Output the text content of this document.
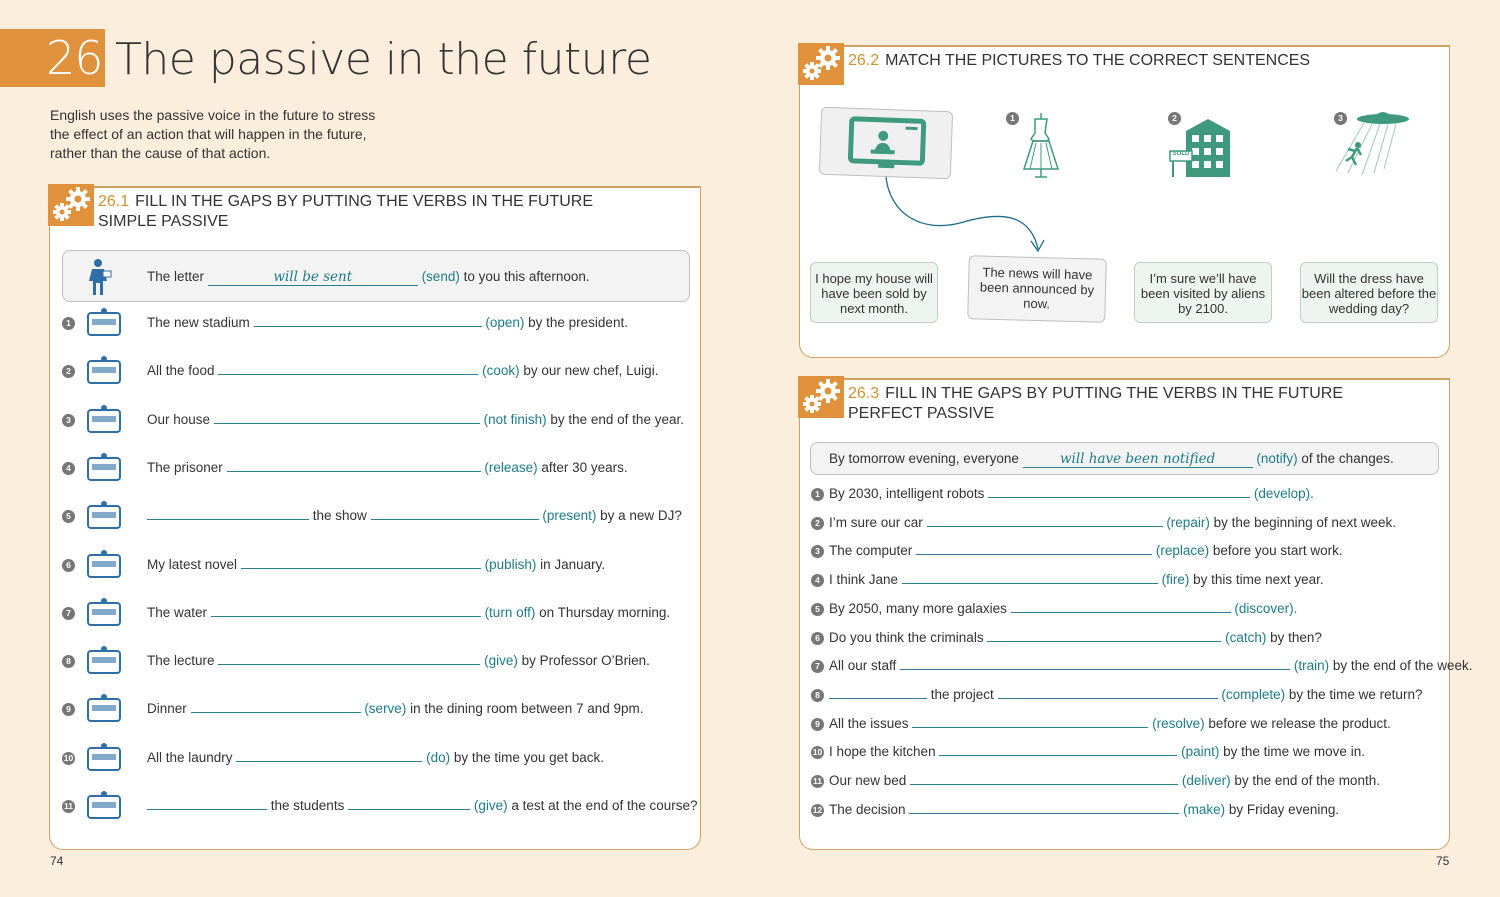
26 The passive in the future
English uses the passive voice in the future to stress the effect of an action that will happen in the future, rather than the cause of that action.
26.1 FILL IN THE GAPS BY PUTTING THE VERBS IN THE FUTURE
SIMPLE PASSIVE
The letter	will be sent	(send) to you this afternoon.
1	The new stadium	(open) by the president.
2	All the food	(cook) by our new chef, Luigi.
3	Our house	(not finish) by the end of the year.
4	The prisoner	(release) after 30 years.
5	the show	(present) by a new DJ?
6	My latest novel	(publish) in January.
7	The water	(turn off) on Thursday morning.
8	The lecture	(give) by Professor O’Brien.
9	Dinner	(serve) in the dining room between 7 and 9pm.
10	All the laundry	(do) by the time you get back.
11	the students	(give) a test at the end of the course?
74
26.2 MATCH THE PICTURES TO THE CORRECT SENTENCES
1	2
SOLD
3
I hope my house will have been sold by next month.
The news will have been announced by now.
I’m sure we’ll have been visited by aliens by 2100.
Will the dress have been altered before the wedding day?
26.3 FILL IN THE GAPS BY PUTTING THE VERBS IN THE FUTURE
PERFECT PASSIVE
By tomorrow evening, everyone	will have been notified	(notify) of the changes.
1 By 2030, intelligent robots	(develop).
2 I’m sure our car	(repair) by the beginning of next week.
3 The computer	(replace) before you start work.
4 I think Jane	(fire) by this time next year.
5 By 2050, many more galaxies	(discover).
6 Do you think the criminals	(catch) by then?
7 All our staff	(train) by the end of the week.
8	the project	(complete) by the time we return?
9 All the issues	(resolve) before we release the product.
10 I hope the kitchen	(paint) by the time we move in.
11 Our new bed	(deliver) by the end of the month.
12 The decision	(make) by Friday evening.
75
